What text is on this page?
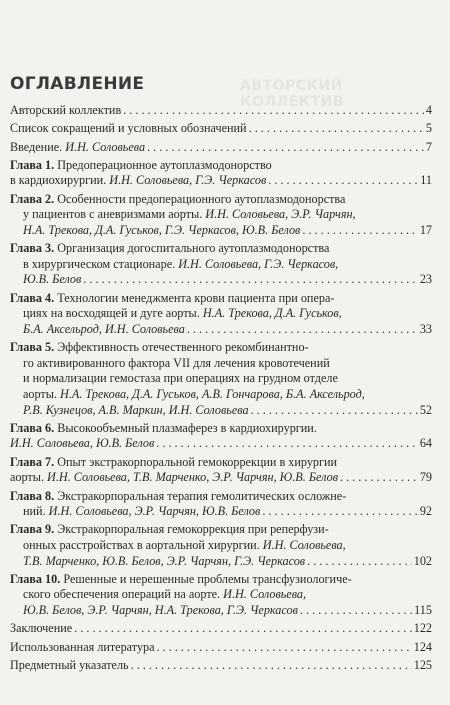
АВТОРСКИЙ КОЛЛЕКТИВ
ОГЛАВЛЕНИЕ
Авторский коллектив . . .	4
Список сокращений и условных обозначений . . .	5
Введение.
И.Н. Соловьева . . .	7
Глава 1.
Предоперационное аутоплазмодонорство
в кардиохирургии.
И.Н. Соловьева, Г.Э. Черкасов . . .	11
Глава 2.
Особенности предоперационного аутоплазмодонорства
у пациентов с аневризмами аорты.
И.Н. Соловьева, Э.Р. Чарчян,
Н.А. Трекова, Д.А. Гуськов, Г.Э. Черкасов, Ю.В. Белов . . .	17
Глава 3.
Организация догоспитального аутоплазмодонорства
в хирургическом стационаре.
И.Н. Соловьева, Г.Э. Черкасов,
Ю.В. Белов . . .	23
Глава 4.
Технологии менеджмента крови пациента при опера-
циях на восходящей и дуге аорты.
Н.А. Трекова, Д.А. Гуськов,
Б.А. Аксельрод, И.Н. Соловьева . . .	33
Глава 5.
Эффективность отечественного рекомбинантно-
го активированного фактора VII для лечения кровотечений
и нормализации гемостаза при операциях на грудном отделе
аорты.
Н.А. Трекова, Д.А. Гуськов, А.В. Гончарова, Б.А. Аксельрод,
Р.В. Кузнецов, А.В. Маркин, И.Н. Соловьева . . .	52
Глава 6.
Высокообъемный плазмаферез в кардиохирургии.
И.Н. Соловьева, Ю.В. Белов . . .	64
Глава 7.
Опыт экстракорпоральной гемокоррекции в хирургии
аорты.
И.Н. Соловьева, Т.В. Марченко, Э.Р. Чарчян, Ю.В. Белов . . .	79
Глава 8.
Экстракорпоральная терапия гемолитических осложне-
ний.
И.Н. Соловьева, Э.Р. Чарчян, Ю.В. Белов . . .	92
Глава 9.
Экстракорпоральная гемокоррекция при реперфузи-
онных расстройствах в аортальной хирургии.
И.Н. Соловьева,
Т.В. Марченко, Ю.В. Белов, Э.Р. Чарчян, Г.Э. Черкасов . . .	102
Глава 10.
Решенные и нерешенные проблемы трансфузиологиче-
ского обеспечения операций на аорте.
И.Н. Соловьева,
Ю.В. Белов, Э.Р. Чарчян, Н.А. Трекова, Г.Э. Черкасов . . .	115
Заключение . . .	122
Использованная литература . . .	124
Предметный указатель . . .	125
